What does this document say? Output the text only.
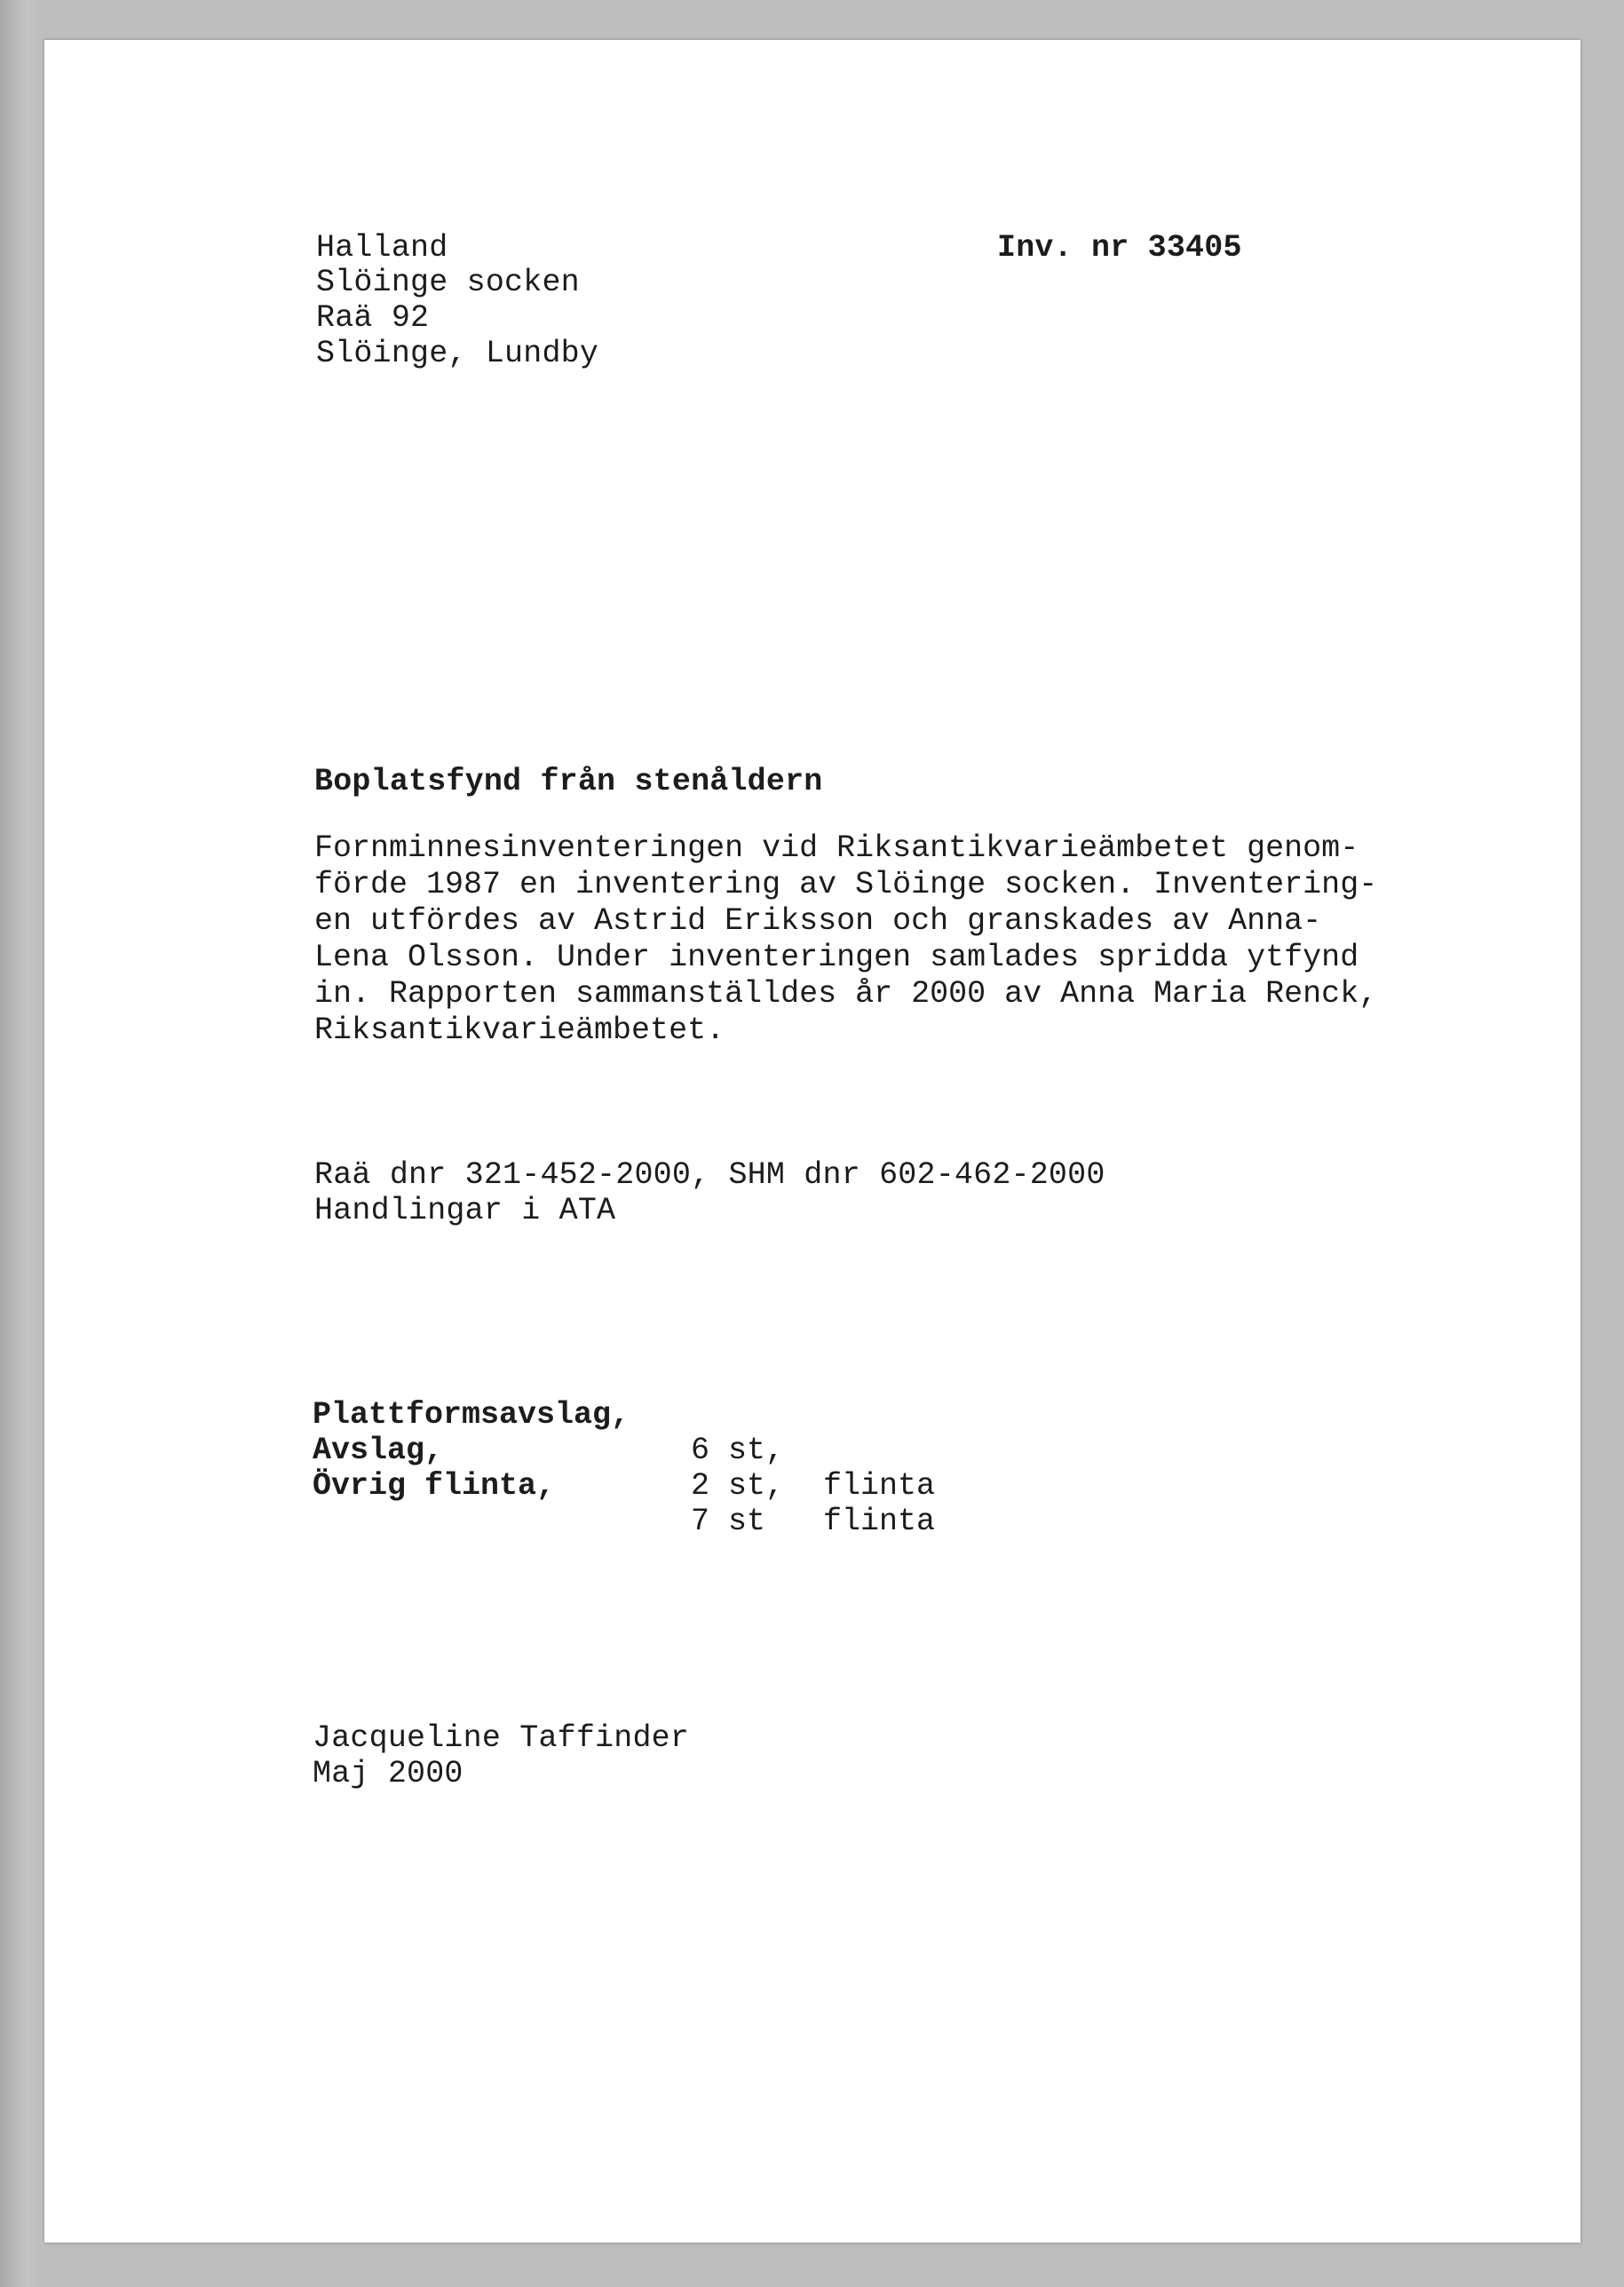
Halland
Slöinge socken
Raä 92
Slöinge, Lundby
Inv. nr 33405
Boplatsfynd från stenåldern
Fornminnesinventeringen vid Riksantikvarieämbetet genom-
förde 1987 en inventering av Slöinge socken. Inventering-
en utfördes av Astrid Eriksson och granskades av Anna-
Lena Olsson. Under inventeringen samlades spridda ytfynd
in. Rapporten sammanställdes år 2000 av Anna Maria Renck,
Riksantikvarieämbetet.
Raä dnr 321-452-2000, SHM dnr 602-462-2000
Handlingar i ATA

Plattformsavslag,

6 st,

flinta

Avslag,

2 st,

flinta

Övrig flinta,

7 st

Jacqueline Taffinder
Maj 2000
